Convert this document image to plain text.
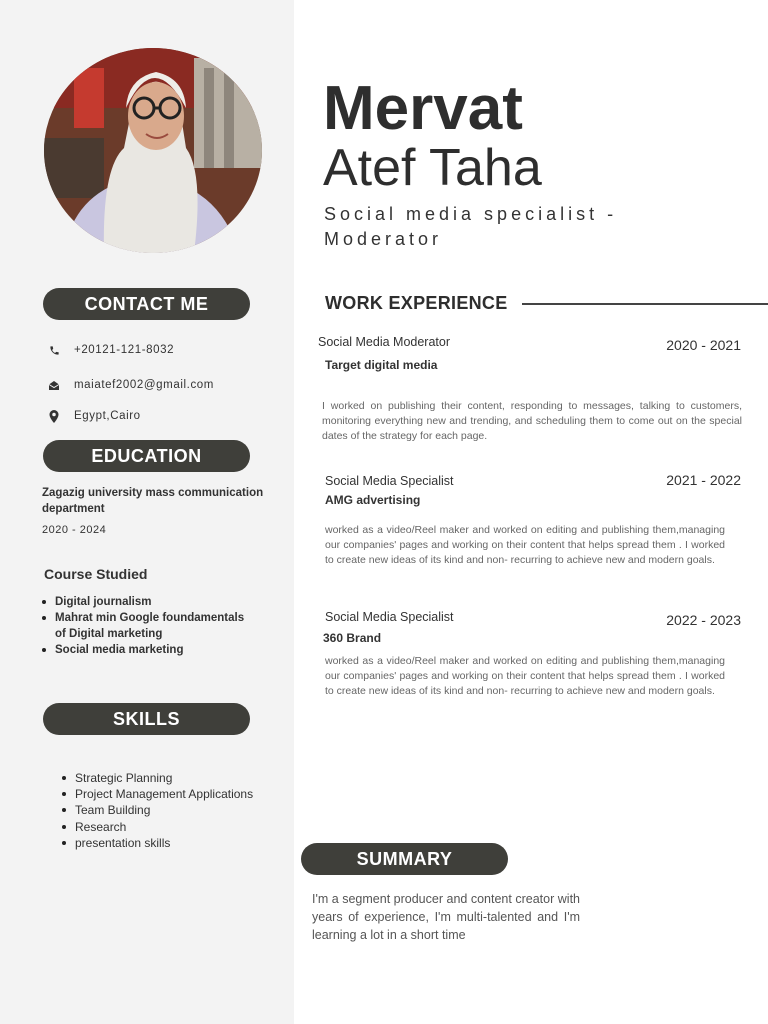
CONTACT ME
+20121-121-8032
maiatef2002@gmail.com
Egypt,Cairo
EDUCATION
Zagazig university mass communication department
2020 - 2024
Course Studied
Digital journalism
Mahrat min Google foundamentals of Digital marketing
Social media marketing
SKILLS
Strategic Planning
Project Management Applications
Team Building
Research
presentation skills
Mervat
Atef Taha
Social media specialist - Moderator
WORK EXPERIENCE
Social Media Moderator	2020 - 2021
Target digital media
I worked on publishing their content, responding to messages, talking to customers, monitoring everything new and trending, and scheduling them to come out on the special dates of the strategy for each page.
Social Media Specialist	2021 - 2022
AMG advertising
worked as a video/Reel maker and worked on editing and publishing them,managing our companies' pages and working on their content that helps spread them . I worked to create new ideas of its kind and non- recurring to achieve new and modern goals.
Social Media Specialist	2022 - 2023
360 Brand
worked as a video/Reel maker and worked on editing and publishing them,managing our companies' pages and working on their content that helps spread them . I worked to create new ideas of its kind and non- recurring to achieve new and modern goals.
SUMMARY
I'm a segment producer and content creator with years of experience, I'm multi-talented and I'm learning a lot in a short time
